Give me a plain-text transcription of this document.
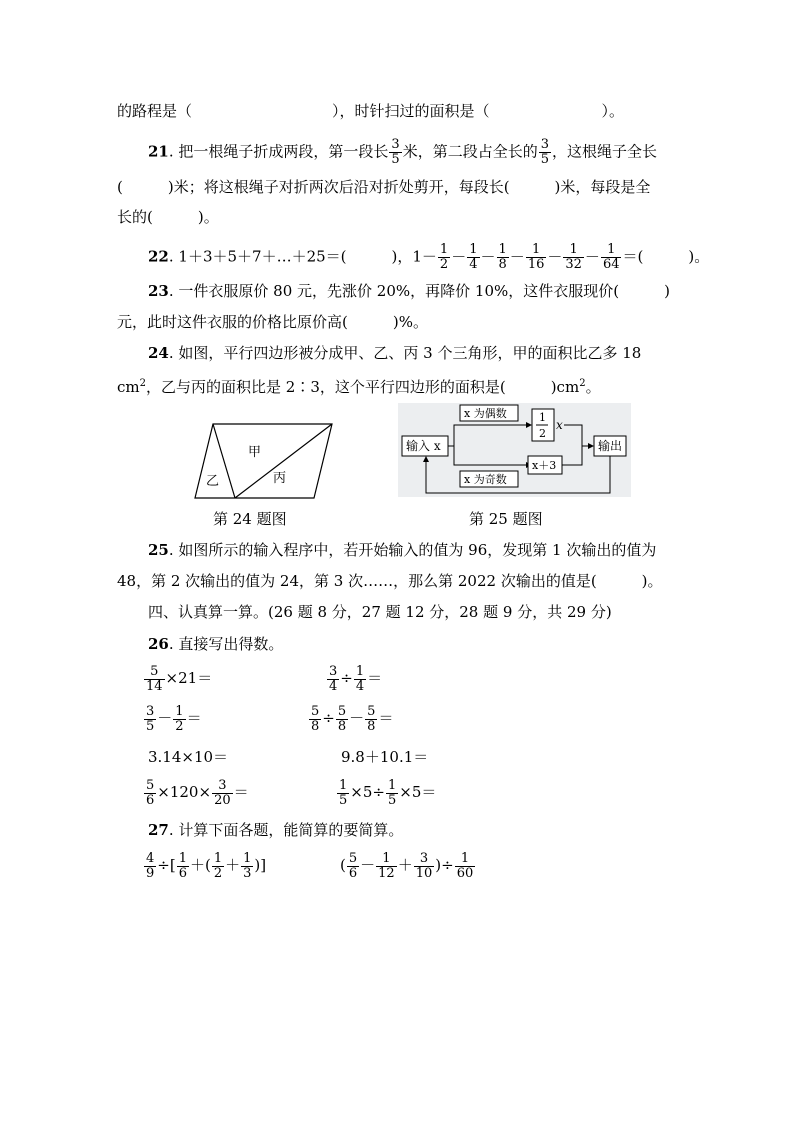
的路程是（	），时针扫过的面积是（	）。
21. 把一根绳子折成两段，第一段长 $\frac{3}{5}$ 米，第二段占全长的 $\frac{3}{5}$ ，这根绳子全长
(　　　)米；将这根绳子对折两次后沿对折处剪开，每段长(　　　)米，每段是全
长的(　　　)。
22. 1＋3＋5＋7＋…＋25＝(　　　)，$1- \frac{1}{2} - \frac{1}{4} - \frac{1}{8} - \frac{1}{16} - \frac{1}{32} - \frac{1}{64}$ ＝(　　　)。
23. 一件衣服原价 80 元，先涨价 20%，再降价 10%，这件衣服现价(　　　)
元，此时这件衣服的价格比原价高(　　　)%。
24. 如图，平行四边形被分成甲、乙、丙 3 个三角形，甲的面积比乙多 18
$cm^2$，乙与丙的面积比是 2∶3，这个平行四边形的面积是(　　　)$cm^2$。
甲
乙	丙
输入 x
x 为偶数
x 为奇数
1
2
x
x＋3
输出
第 24 题图	第 25 题图
25. 如图所示的输入程序中，若开始输入的值为 96，发现第 1 次输出的值为
48，第 2 次输出的值为 24，第 3 次……，那么第 2022 次输出的值是(　　　)。
四、认真算一算。(26 题 8 分，27 题 12 分，28 题 9 分，共 29 分)
26. 直接写出得数。
$\frac{5}{14} \times 21=$	$\frac{3}{4} \div \frac{1}{4}$ ＝
$\frac{3}{5} - \frac{1}{2}$ ＝	$\frac{5}{8} \div \frac{5}{8} - \frac{5}{8}$ ＝
3.14×10＝	9.8＋10.1＝
$\frac{5}{6} \times 120\times \frac{3}{20}$ ＝	$\frac{1}{5} \times 5\div \frac{1}{5} \times 5=$
27. 计算下面各题，能简算的要简算。
$\frac{4}{9}$ ÷[ $\frac{1}{6}$ ＋( $\frac{1}{2} + \frac{1}{3}$ )]	( $\frac{5}{6} - \frac{1}{12} + \frac{3}{10}$ )÷ $\frac{1}{60}$
